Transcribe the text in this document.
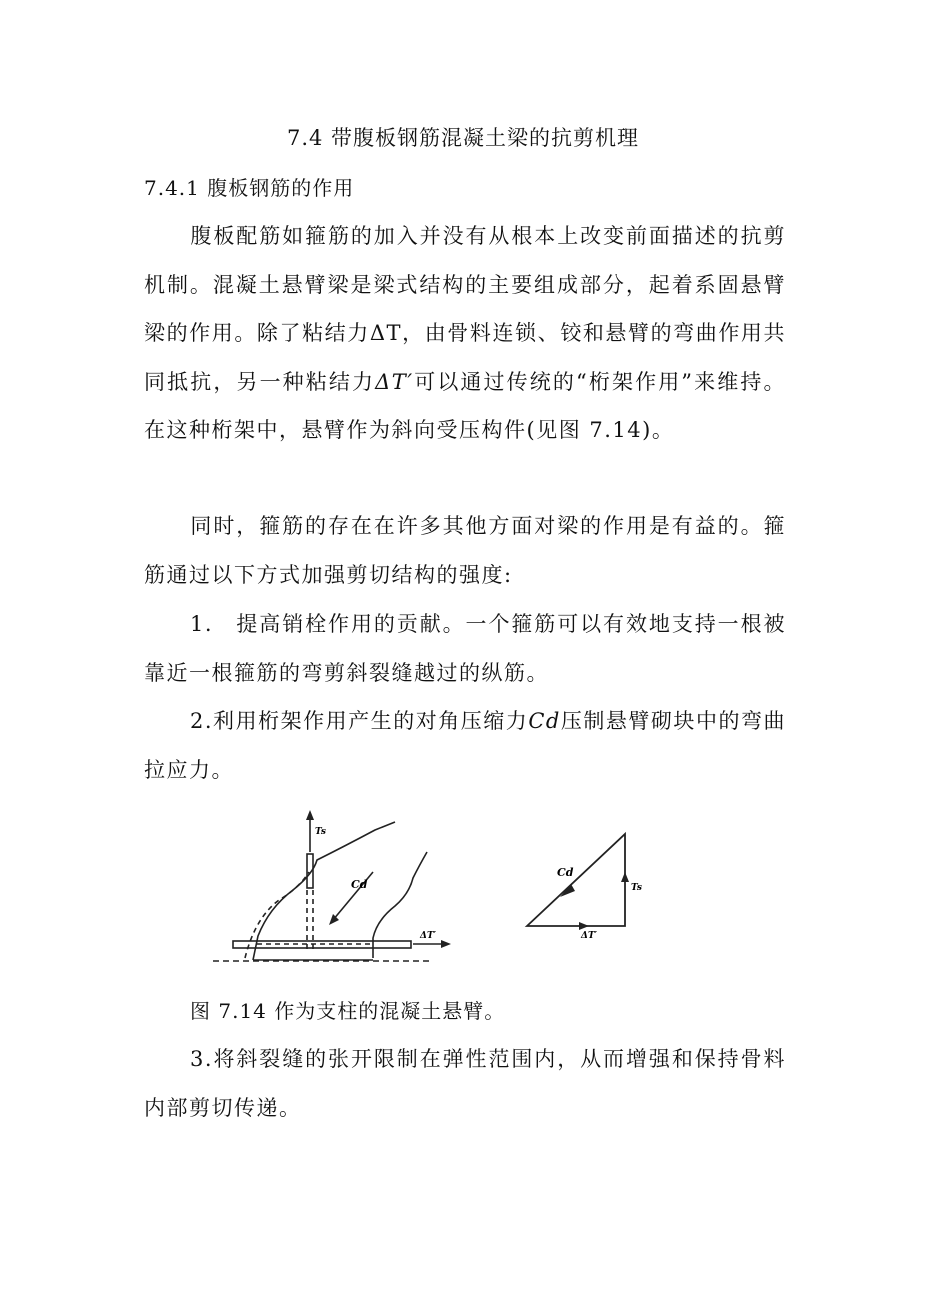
7.4 带腹板钢筋混凝土梁的抗剪机理
7.4.1 腹板钢筋的作用
腹板配筋如箍筋的加入并没有从根本上改变前面描述的抗剪机制。混凝土悬臂梁是梁式结构的主要组成部分，起着系固悬臂梁的作用。除了粘结力ΔT，由骨料连锁、铰和悬臂的弯曲作用共同抵抗，另一种粘结力ΔT′可以通过传统的“桁架作用”来维持。在这种桁架中，悬臂作为斜向受压构件(见图 7.14)。
同时，箍筋的存在在许多其他方面对梁的作用是有益的。箍筋通过以下方式加强剪切结构的强度:
1.　提高销栓作用的贡献。一个箍筋可以有效地支持一根被靠近一根箍筋的弯剪斜裂缝越过的纵筋。
2.利用桁架作用产生的对角压缩力Cd压制悬臂砌块中的弯曲拉应力。
Ts
Cd
ΔT′
Cd
Ts
ΔT′
图 7.14 作为支柱的混凝土悬臂。
3.将斜裂缝的张开限制在弹性范围内，从而增强和保持骨料内部剪切传递。
